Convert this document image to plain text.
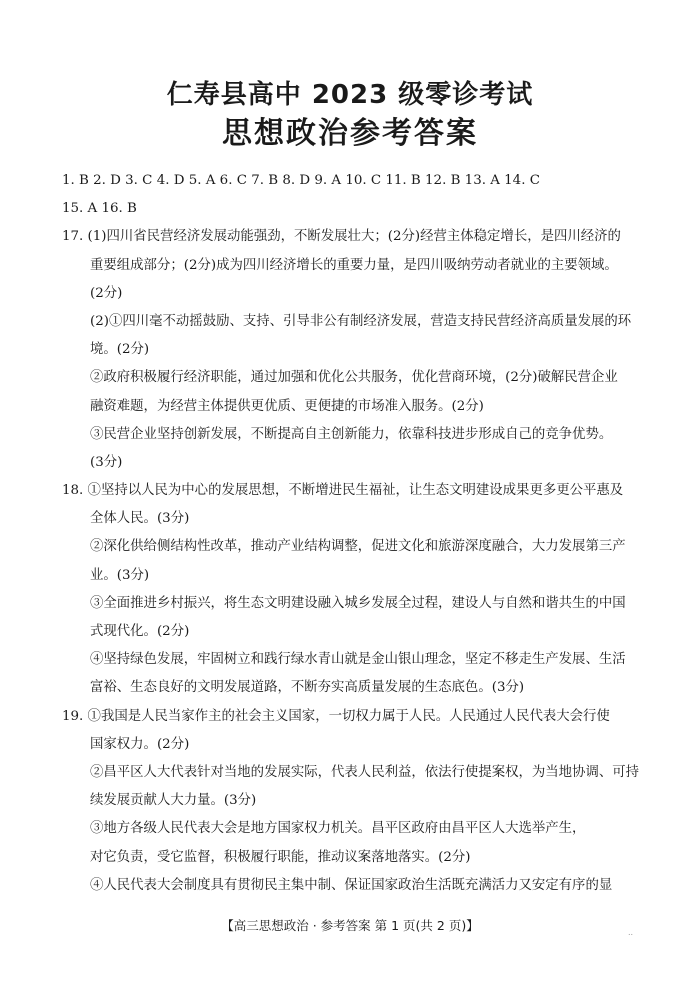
仁寿县高中 2023 级零诊考试
思想政治参考答案
1. B 2. D 3. C 4. D 5. A 6. C 7. B 8. D 9. A 10. C 11. B 12. B 13. A 14. C
15. A 16. B
17. (1)四川省民营经济发展动能强劲，不断发展壮大；(2分)经营主体稳定增长，是四川经济的
重要组成部分；(2分)成为四川经济增长的重要力量，是四川吸纳劳动者就业的主要领域。
(2分)
(2)①四川毫不动摇鼓励、支持、引导非公有制经济发展，营造支持民营经济高质量发展的环
境。(2分)
②政府积极履行经济职能，通过加强和优化公共服务，优化营商环境，(2分)破解民营企业
融资难题，为经营主体提供更优质、更便捷的市场准入服务。(2分)
③民营企业坚持创新发展，不断提高自主创新能力，依靠科技进步形成自己的竞争优势。
(3分)
18. ①坚持以人民为中心的发展思想，不断增进民生福祉，让生态文明建设成果更多更公平惠及
全体人民。(3分)
②深化供给侧结构性改革，推动产业结构调整，促进文化和旅游深度融合，大力发展第三产
业。(3分)
③全面推进乡村振兴，将生态文明建设融入城乡发展全过程，建设人与自然和谐共生的中国
式现代化。(2分)
④坚持绿色发展，牢固树立和践行绿水青山就是金山银山理念，坚定不移走生产发展、生活
富裕、生态良好的文明发展道路，不断夯实高质量发展的生态底色。(3分)
19. ①我国是人民当家作主的社会主义国家，一切权力属于人民。人民通过人民代表大会行使
国家权力。(2分)
②昌平区人大代表针对当地的发展实际，代表人民利益，依法行使提案权，为当地协调、可持
续发展贡献人大力量。(3分)
③地方各级人民代表大会是地方国家权力机关。昌平区政府由昌平区人大选举产生，
对它负责，受它监督，积极履行职能，推动议案落地落实。(2分)
④人民代表大会制度具有贯彻民主集中制、保证国家政治生活既充满活力又安定有序的显
【高三思想政治 · 参考答案 第 1 页(共 2 页)】	..
